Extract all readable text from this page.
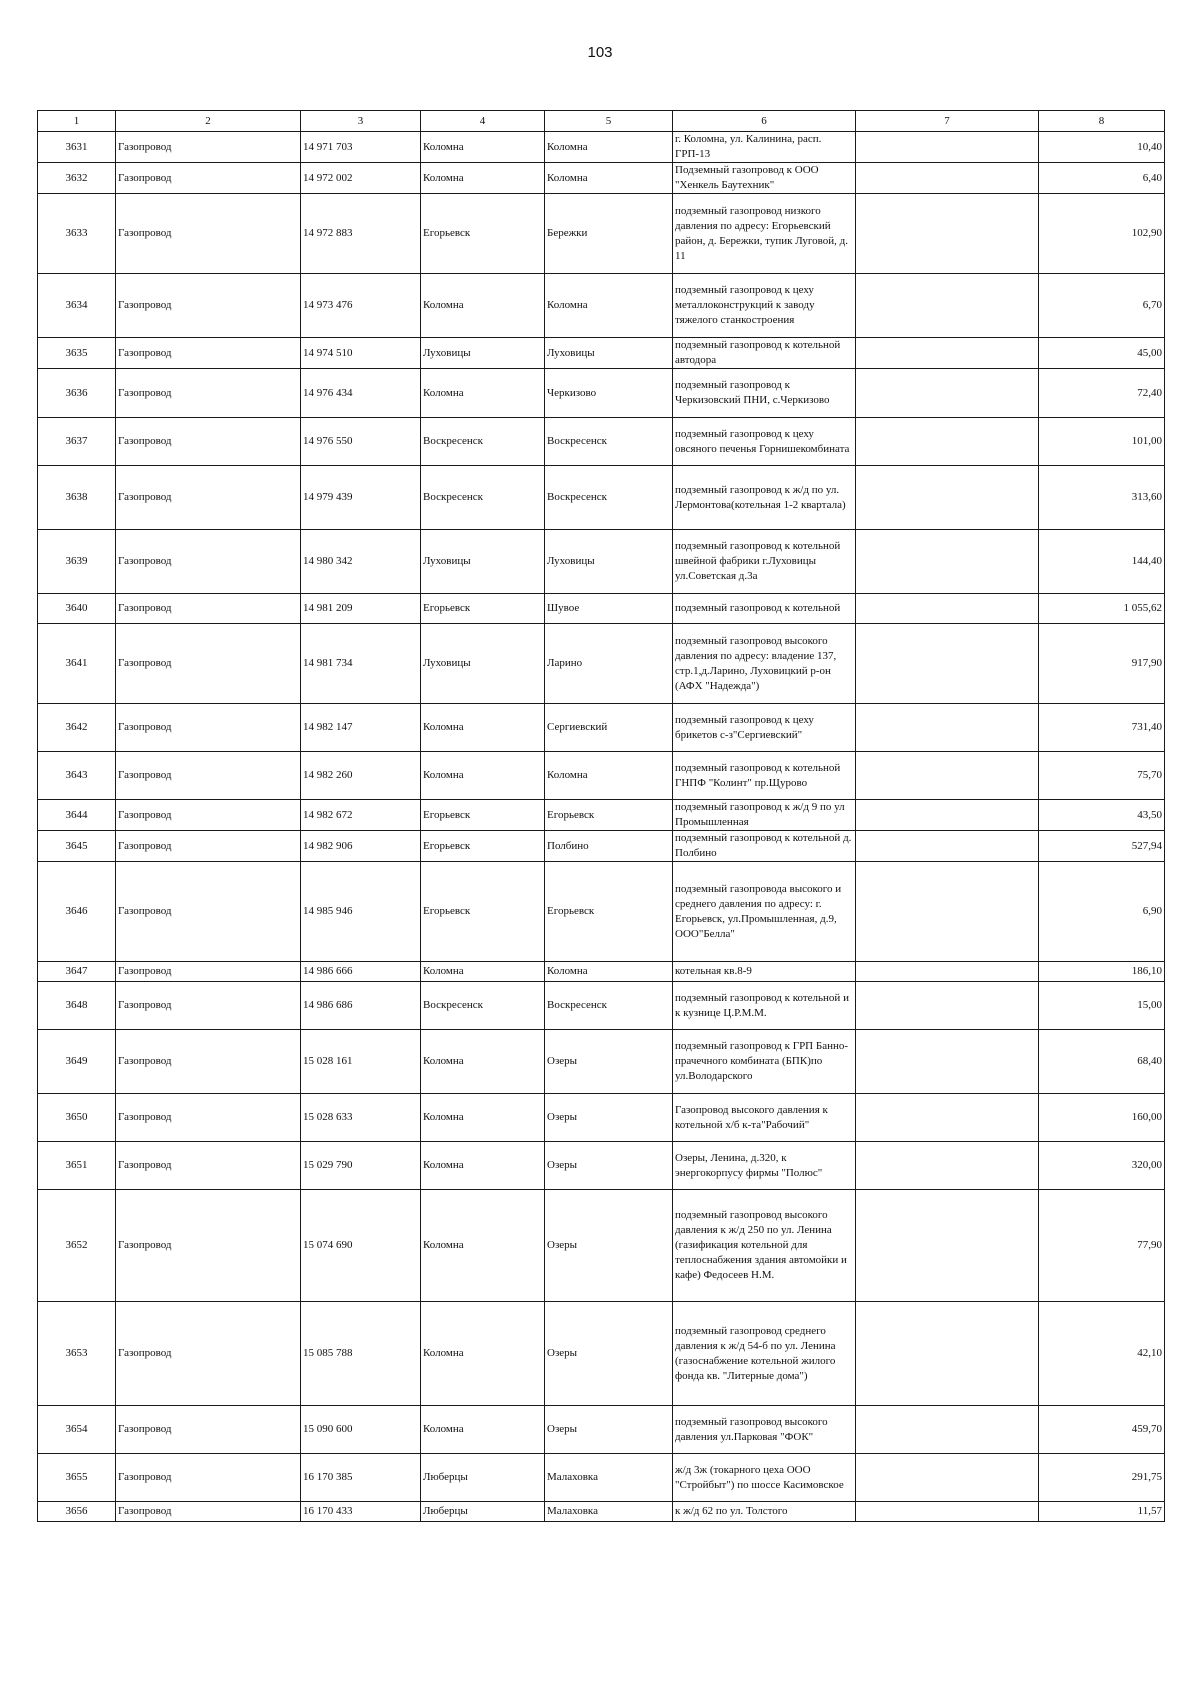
103
1	2	3	4	5	6	7	8
3631	Газопровод	14 971 703	Коломна	Коломна	г. Коломна, ул. Калинина, расп. ГРП-13		10,40
3632	Газопровод	14 972 002	Коломна	Коломна	Подземный газопровод к ООО "Хенкель Баутехник"		6,40
3633	Газопровод	14 972 883	Егорьевск	Бережки	подземный газопровод низкого давления по адресу: Егорьевский район, д. Бережки, тупик Луговой, д. 11		102,90
3634	Газопровод	14 973 476	Коломна	Коломна	подземный газопровод к цеху металлоконструкций к заводу тяжелого станкостроения		6,70
3635	Газопровод	14 974 510	Луховицы	Луховицы	подземный газопровод к котельной автодора		45,00
3636	Газопровод	14 976 434	Коломна	Черкизово	подземный газопровод к Черкизовский ПНИ, с.Черкизово		72,40
3637	Газопровод	14 976 550	Воскресенск	Воскресенск	подземный газопровод к цеху овсяного печенья Горнишекомбината		101,00
3638	Газопровод	14 979 439	Воскресенск	Воскресенск	подземный газопровод к ж/д по ул. Лермонтова(котельная 1-2 квартала)		313,60
3639	Газопровод	14 980 342	Луховицы	Луховицы	подземный газопровод к котельной швейной фабрики г.Луховицы ул.Советская д.3а		144,40
3640	Газопровод	14 981 209	Егорьевск	Шувое	подземный газопровод к котельной		1 055,62
3641	Газопровод	14 981 734	Луховицы	Ларино	подземный газопровод высокого давления по адресу: владение 137, стр.1,д.Ларино, Луховицкий р-он (АФХ "Надежда")		917,90
3642	Газопровод	14 982 147	Коломна	Сергиевский	подземный газопровод к цеху брикетов с-з"Сергиевский"		731,40
3643	Газопровод	14 982 260	Коломна	Коломна	подземный газопровод к котельной ГНПФ "Колинт" пр.Щурово		75,70
3644	Газопровод	14 982 672	Егорьевск	Егорьевск	подземный газопровод к ж/д 9 по ул Промышленная		43,50
3645	Газопровод	14 982 906	Егорьевск	Полбино	подземный газопровод к котельной д. Полбино		527,94
3646	Газопровод	14 985 946	Егорьевск	Егорьевск	подземный газопровода высокого и среднего давления по адресу: г. Егорьевск, ул.Промышленная, д.9, ООО"Белла"		6,90
3647	Газопровод	14 986 666	Коломна	Коломна	котельная кв.8-9		186,10
3648	Газопровод	14 986 686	Воскресенск	Воскресенск	подземный газопровод к котельной и к кузнице Ц.Р.М.М.		15,00
3649	Газопровод	15 028 161	Коломна	Озеры	подземный газопровод к ГРП Банно-прачечного комбината (БПК)по ул.Володарского		68,40
3650	Газопровод	15 028 633	Коломна	Озеры	Газопровод высокого давления к котельной х/б к-та"Рабочий"		160,00
3651	Газопровод	15 029 790	Коломна	Озеры	Озеры, Ленина, д.320, к энергокорпусу фирмы "Полюс"		320,00
3652	Газопровод	15 074 690	Коломна	Озеры	подземный газопровод высокого давления к ж/д 250 по ул. Ленина (газификация котельной для теплоснабжения здания автомойки и кафе) Федосеев Н.М.		77,90
3653	Газопровод	15 085 788	Коломна	Озеры	подземный газопровод среднего давления к ж/д 54-б по ул. Ленина (газоснабжение котельной жилого фонда кв. "Литерные дома")		42,10
3654	Газопровод	15 090 600	Коломна	Озеры	подземный газопровод высокого давления ул.Парковая "ФОК"		459,70
3655	Газопровод	16 170 385	Люберцы	Малаховка	ж/д 3ж (токарного цеха ООО "Стройбыт") по шоссе Касимовское		291,75
3656	Газопровод	16 170 433	Люберцы	Малаховка	к ж/д 62 по ул. Толстого		11,57
